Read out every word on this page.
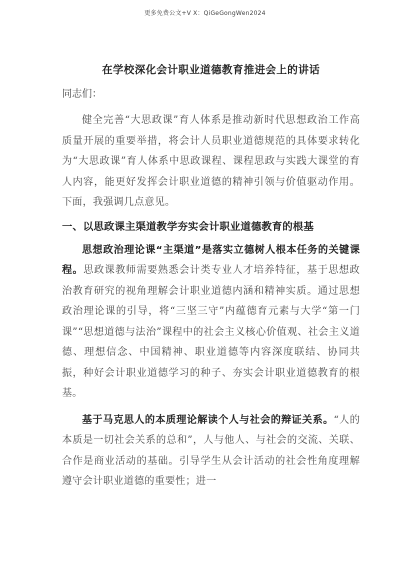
更多免费公文+V X：QiGeGongWen2024
在学校深化会计职业道德教育推进会上的讲话
同志们：

健全完善“大思政课”育人体系是推动新时代思想政治工作高质量开展的重要举措，将会计人员职业道德规范的具体要求转化为“大思政课”育人体系中思政课程、课程思政与实践大课堂的育人内容，能更好发挥会计职业道德的精神引领与价值驱动作用。下面，我强调几点意见。

一、以思政课主渠道教学夯实会计职业道德教育的根基

思想政治理论课“主渠道”是落实立德树人根本任务的关键课程。思政课教师需要熟悉会计类专业人才培养特征，基于思想政治教育研究的视角理解会计职业道德内涵和精神实质。通过思想政治理论课的引导，将“三坚三守”内蕴德育元素与大学“第一门课”“思想道德与法治”课程中的社会主义核心价值观、社会主义道德、理想信念、中国精神、职业道德等内容深度联结、协同共振，种好会计职业道德学习的种子、夯实会计职业道德教育的根基。

基于马克思人的本质理论解读个人与社会的辩证关系。“人的本质是一切社会关系的总和”，人与他人、与社会的交流、关联、合作是商业活动的基础。引导学生从会计活动的社会性角度理解遵守会计职业道德的重要性；进一
